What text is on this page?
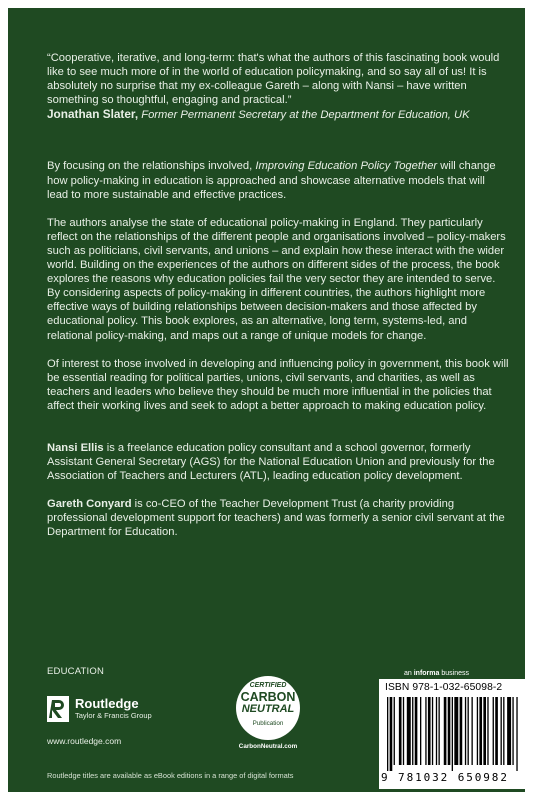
“Cooperative, iterative, and long-term: that's what the authors of this fascinating book would like to see much more of in the world of education policymaking, and so say all of us! It is absolutely no surprise that my ex-colleague Gareth – along with Nansi – have written something so thoughtful, engaging and practical.”

Jonathan Slater, Former Permanent Secretary at the Department for Education, UK

By focusing on the relationships involved, Improving Education Policy Together will change how policy-making in education is approached and showcase alternative models that will lead to more sustainable and effective practices.

The authors analyse the state of educational policy-making in England. They particularly reflect on the relationships of the different people and organisations involved – policy-makers such as politicians, civil servants, and unions – and explain how these interact with the wider world. Building on the experiences of the authors on different sides of the process, the book explores the reasons why education policies fail the very sector they are intended to serve. By considering aspects of policy-making in different countries, the authors highlight more effective ways of building relationships between decision-makers and those affected by educational policy. This book explores, as an alternative, long term, systems-led, and relational policy-making, and maps out a range of unique models for change.

Of interest to those involved in developing and influencing policy in government, this book will be essential reading for political parties, unions, civil servants, and charities, as well as teachers and leaders who believe they should be much more influential in the policies that affect their working lives and seek to adopt a better approach to making education policy.

Nansi Ellis is a freelance education policy consultant and a school governor, formerly Assistant General Secretary (AGS) for the National Education Union and previously for the Association of Teachers and Lecturers (ATL), leading education policy development.

Gareth Conyard is co-CEO of the Teacher Development Trust (a charity providing professional development support for teachers) and was formerly a senior civil servant at the Department for Education.

EDUCATION
Routledge
Taylor & Francis Group
www.routledge.com
CERTIFIED
CARBON
NEUTRAL
Publication
CarbonNeutral.com
an informa business
ISBN 978-1-032-65098-2
9 781032 650982
Routledge titles are available as eBook editions in a range of digital formats
